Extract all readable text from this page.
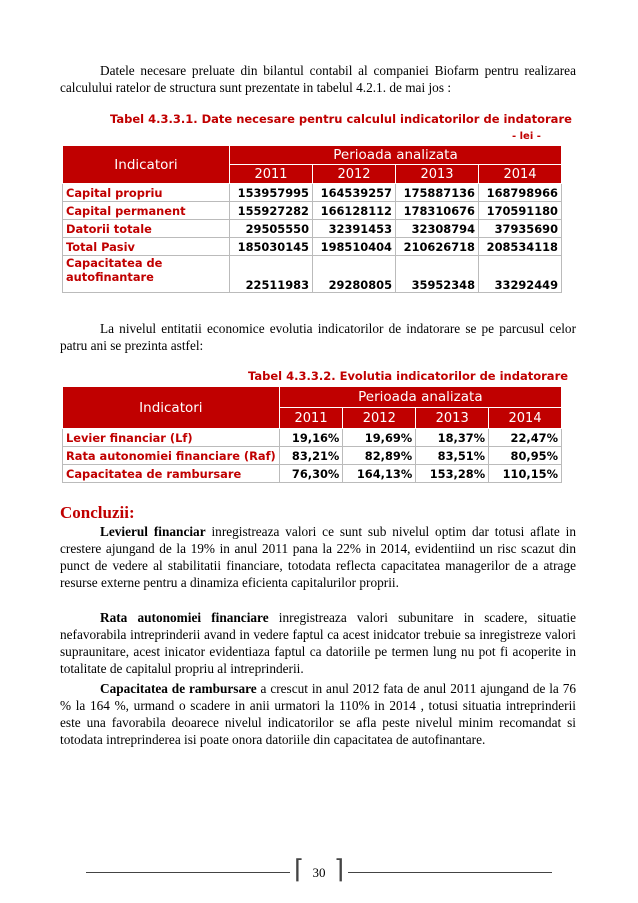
Datele necesare preluate din bilantul contabil al companiei Biofarm pentru realizarea calculului ratelor de structura sunt prezentate in tabelul 4.2.1. de mai jos :
Tabel 4.3.3.1. Date necesare pentru calculul indicatorilor de indatorare
- lei -
Indicatori	Perioada analizata			
	2011	2012	2013	2014
Capital propriu	153957995	164539257	175887136	168798966
Capital permanent	155927282	166128112	178310676	170591180
Datorii totale	29505550	32391453	32308794	37935690
Total Pasiv	185030145	198510404	210626718	208534118

Capacitatea de
autofinantare	22511983	29280805	35952348	33292449
La nivelul entitatii economice evolutia indicatorilor de indatorare se pe parcusul celor patru ani se prezinta astfel:
Tabel 4.3.3.2. Evolutia indicatorilor de indatorare
Indicatori	Perioada analizata			
	2011	2012	2013	2014
Levier financiar (Lf)	19,16%	19,69%	18,37%	22,47%
Rata autonomiei financiare (Raf)	83,21%	82,89%	83,51%	80,95%
Capacitatea de rambursare	76,30%	164,13%	153,28%	110,15%
Concluzii:
Levierul financiar inregistreaza valori ce sunt sub nivelul optim dar totusi aflate in crestere ajungand de la 19% in anul 2011 pana la 22% in 2014, evidentiind un risc scazut din punct de vedere al stabilitatii financiare, totodata reflecta capacitatea managerilor de a atrage resurse externe pentru a dinamiza eficienta capitalurilor proprii.
Rata autonomiei financiare inregistreaza valori subunitare in scadere, situatie nefavorabila intreprinderii avand in vedere faptul ca acest inidcator trebuie sa inregistreze valori supraunitare, acest inicator evidentiaza faptul ca datoriile pe termen lung nu pot fi acoperite in totalitate de capitalul propriu al intreprinderii.
Capacitatea de rambursare a crescut in anul 2012 fata de anul 2011 ajungand de la 76 % la 164 %, urmand o scadere in anii urmatori la 110% in 2014 , totusi situatia intreprinderii este una favorabila deoarece nivelul indicatorilor se afla peste nivelul minim recomandat si totodata intreprinderea isi poate onora datoriile din capacitatea de autofinantare.
⌈ ⌉
30
